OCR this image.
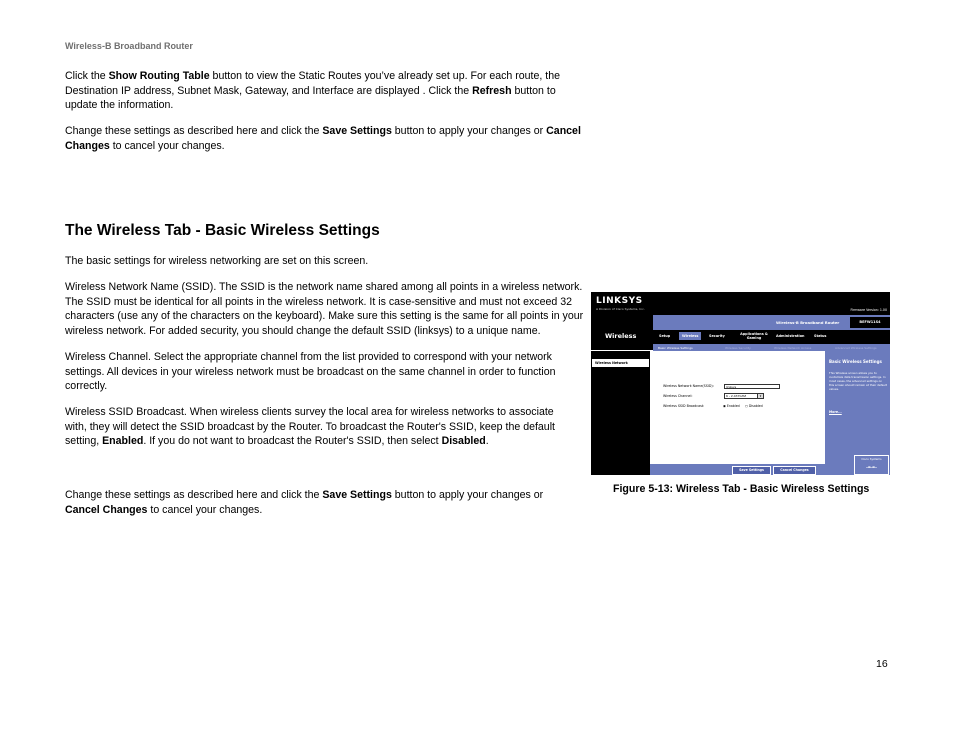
Wireless-B Broadband Router
Click the Show Routing Table button to view the Static Routes you’ve already set up. For each route, the Destination IP address, Subnet Mask, Gateway, and Interface are displayed . Click the Refresh button to update the information.
Change these settings as described here and click the Save Settings button to apply your changes or Cancel Changes to cancel your changes.
The Wireless Tab - Basic Wireless Settings
The basic settings for wireless networking are set on this screen.
Wireless Network Name (SSID). The SSID is the network name shared among all points in a wireless network. The SSID must be identical for all points in the wireless network. It is case-sensitive and must not exceed 32 characters (use any of the characters on the keyboard). Make sure this setting is the same for all points in your wireless network. For added security, you should change the default SSID (linksys) to a unique name.
Wireless Channel. Select the appropriate channel from the list provided to correspond with your network settings. All devices in your wireless network must be broadcast on the same channel in order to function correctly.
Wireless SSID Broadcast. When wireless clients survey the local area for wireless networks to associate with, they will detect the SSID broadcast by the Router. To broadcast the Router's SSID, keep the default setting, Enabled. If you do not want to broadcast the Router's SSID, then select Disabled.
Change these settings as described here and click the Save Settings button to apply your changes or Cancel Changes to cancel your changes.
LINKSYS
A Division of Cisco Systems, Inc.	Firmware Version: 1.00
Wireless
Wireless-B Broadband Router	BEFW11S4
Setup	Wireless	Security	Applications & Gaming	Administration	Status
Basic Wireless Settings	Wireless Security	Wireless Network Access	Advanced Wireless Settings
Wireless Network
Wireless Network Name(SSID):	linksys
Wireless Channel:	6 - 2.437GHZ	▾
Wireless SSID Broadcast:	◉ Enabled ○ Disabled
Basic Wireless Settings
This Wireless screen allows you to customize data transmission settings. In most cases, the advanced settings on this screen should remain at their default values.
More...
Save Settings	Cancel Changes
Cisco Systems
▁▃▁▃▁
Figure 5-13: Wireless Tab - Basic Wireless Settings
16
